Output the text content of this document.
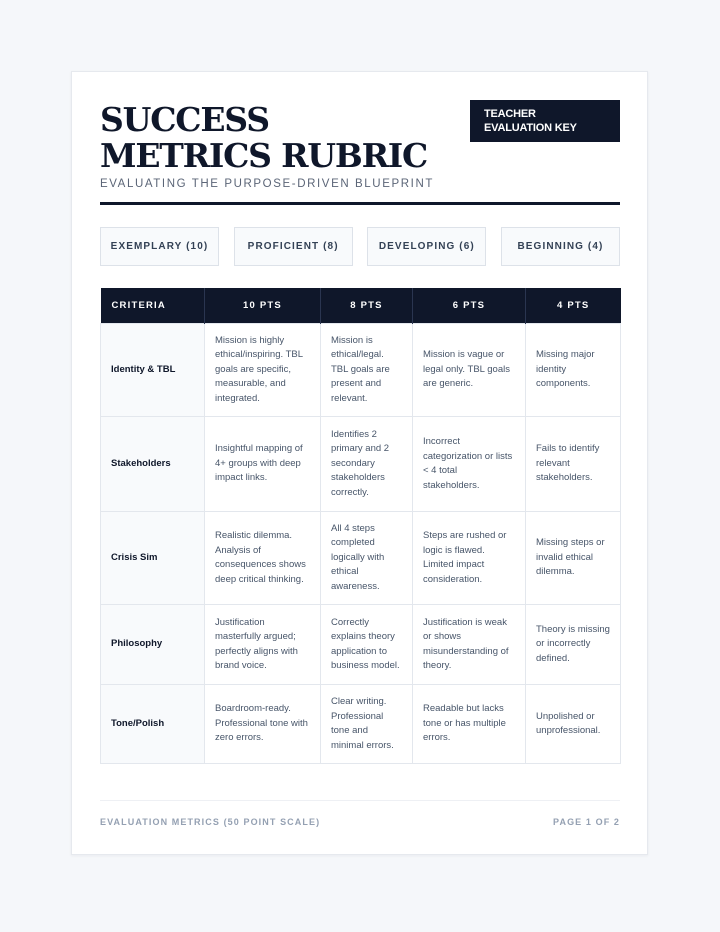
SUCCESS METRICS RUBRIC
EVALUATING THE PURPOSE-DRIVEN BLUEPRINT
TEACHER EVALUATION KEY
EXEMPLARY (10)	PROFICIENT (8)	DEVELOPING (6)	BEGINNING (4)
CRITERIA	10 PTS	8 PTS	6 PTS	4 PTS
Identity & TBL	Mission is highly ethical/inspiring. TBL goals are specific, measurable, and integrated.	Mission is ethical/legal. TBL goals are present and relevant.	Mission is vague or legal only. TBL goals are generic.	Missing major identity components.
Stakeholders	Insightful mapping of 4+ groups with deep impact links.	Identifies 2 primary and 2 secondary stakeholders correctly.	Incorrect categorization or lists < 4 total stakeholders.	Fails to identify relevant stakeholders.
Crisis Sim	Realistic dilemma. Analysis of consequences shows deep critical thinking.	All 4 steps completed logically with ethical awareness.	Steps are rushed or logic is flawed. Limited impact consideration.	Missing steps or invalid ethical dilemma.
Philosophy	Justification masterfully argued; perfectly aligns with brand voice.	Correctly explains theory application to business model.	Justification is weak or shows misunderstanding of theory.	Theory is missing or incorrectly defined.
Tone/Polish	Boardroom-ready. Professional tone with zero errors.	Clear writing. Professional tone and minimal errors.	Readable but lacks tone or has multiple errors.	Unpolished or unprofessional.
EVALUATION METRICS (50 POINT SCALE)	PAGE 1 OF 2
